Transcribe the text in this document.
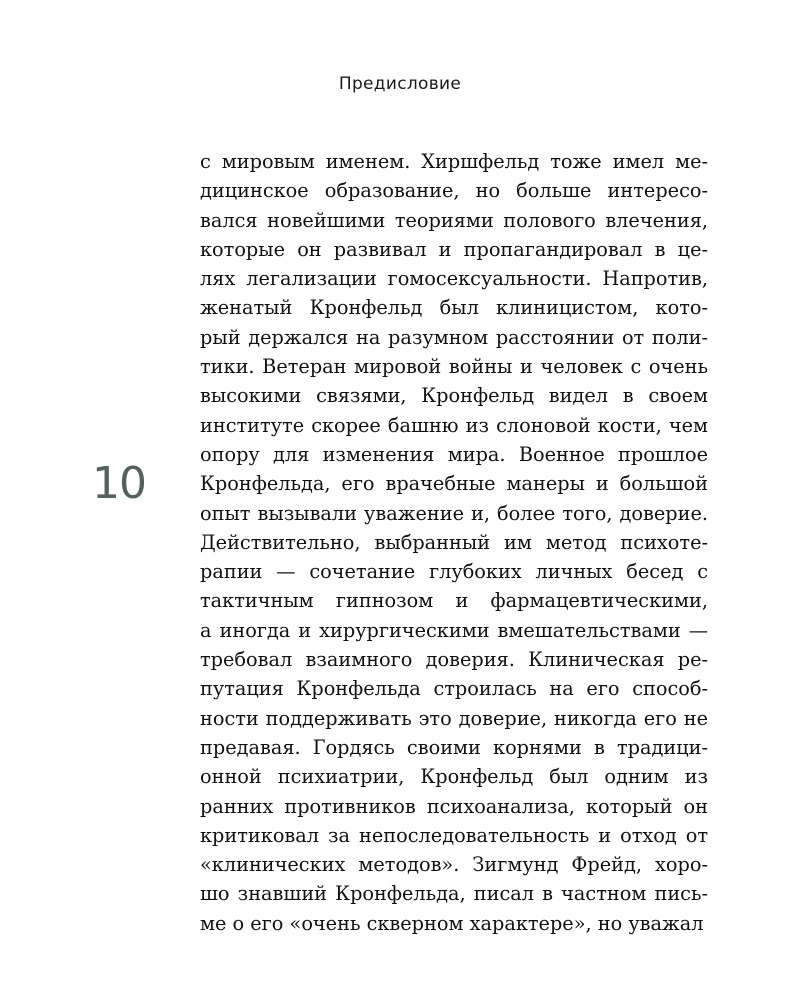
Предисловие
10
с мировым именем. Хиршфельд тоже имел ме-
дицинское образование, но больше интересо-
вался новейшими теориями полового влечения,
которые он развивал и пропагандировал в це-
лях легализации гомосексуальности. Напротив,
женатый Кронфельд был клиницистом, кото-
рый держался на разумном расстоянии от поли-
тики. Ветеран мировой войны и человек с очень
высокими связями, Кронфельд видел в своем
институте скорее башню из слоновой кости, чем
опору для изменения мира. Военное прошлое
Кронфельда, его врачебные манеры и большой
опыт вызывали уважение и, более того, доверие.
Действительно, выбранный им метод психоте-
рапии — сочетание глубоких личных бесед с
тактичным гипнозом и фармацевтическими,
а иногда и хирургическими вмешательствами —
требовал взаимного доверия. Клиническая ре-
путация Кронфельда строилась на его способ-
ности поддерживать это доверие, никогда его не
предавая. Гордясь своими корнями в традици-
онной психиатрии, Кронфельд был одним из
ранних противников психоанализа, который он
критиковал за непоследовательность и отход от
«клинических методов». Зигмунд Фрейд, хоро-
шо знавший Кронфельда, писал в частном пись-
ме о его «очень скверном характере», но уважал
